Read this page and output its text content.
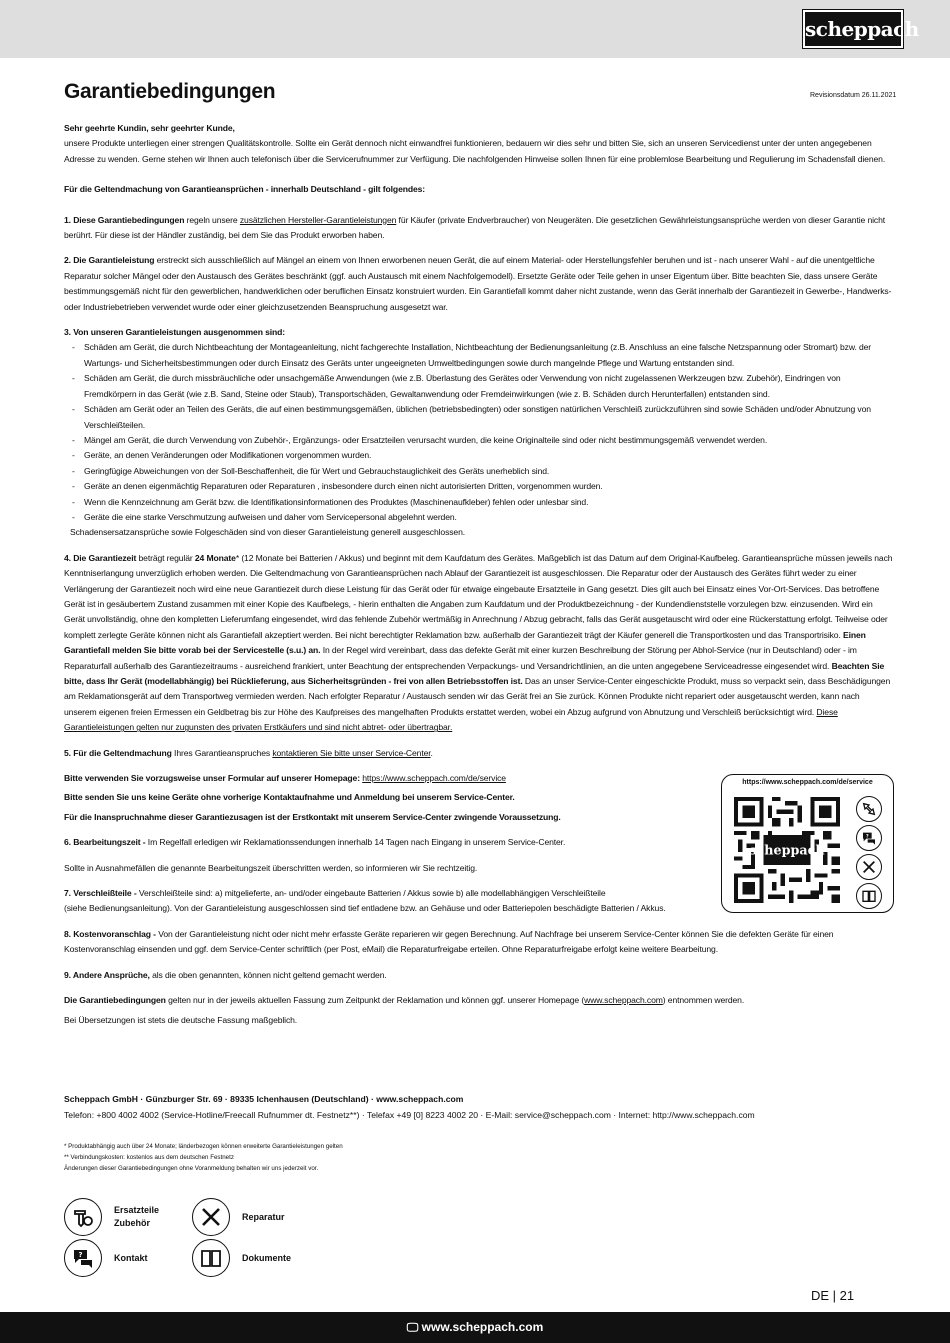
scheppach
Garantiebedingungen	Revisionsdatum 26.11.2021

Sehr geehrte Kundin, sehr geehrter Kunde,

unsere Produkte unterliegen einer strengen Qualitätskontrolle. Sollte ein Gerät dennoch nicht einwandfrei funktionieren, bedauern wir dies sehr und bitten Sie, sich an unseren Servicedienst unter der unten angegebenen Adresse zu wenden. Gerne stehen wir Ihnen auch telefonisch über die Servicerufnummer zur Verfügung. Die nachfolgenden Hinweise sollen Ihnen für eine problemlose Bearbeitung und Regulierung im Schadensfall dienen.

Für die Geltendmachung von Garantieansprüchen - innerhalb Deutschland - gilt folgendes:

1. Diese Garantiebedingungen regeln unsere zusätzlichen Hersteller-Garantieleistungen für Käufer (private Endverbraucher) von Neugeräten. Die gesetzlichen Gewährleistungsansprüche werden von dieser Garantie nicht berührt. Für diese ist der Händler zuständig, bei dem Sie das Produkt erworben haben.

2. Die Garantieleistung erstreckt sich ausschließlich auf Mängel an einem von Ihnen erworbenen neuen Gerät, die auf einem Material- oder Herstellungsfehler beruhen und ist - nach unserer Wahl - auf die unentgeltliche Reparatur solcher Mängel oder den Austausch des Gerätes beschränkt (ggf. auch Austausch mit einem Nachfolgemodell). Ersetzte Geräte oder Teile gehen in unser Eigentum über. Bitte beachten Sie, dass unsere Geräte bestimmungsgemäß nicht für den gewerblichen, handwerklichen oder beruflichen Einsatz konstruiert wurden. Ein Garantiefall kommt daher nicht zustande, wenn das Gerät innerhalb der Garantiezeit in Gewerbe-, Handwerks- oder Industriebetrieben verwendet wurde oder einer gleichzusetzenden Beanspruchung ausgesetzt war.

3. Von unseren Garantieleistungen ausgenommen sind:

- Schäden am Gerät, die durch Nichtbeachtung der Montageanleitung, nicht fachgerechte Installation, Nichtbeachtung der Bedienungsanleitung (z.B. Anschluss an eine falsche Netzspannung oder Stromart) bzw. der Wartungs- und Sicherheitsbestimmungen oder durch Einsatz des Geräts unter ungeeigneten Umweltbedingungen sowie durch mangelnde Pflege und Wartung entstanden sind.
- Schäden am Gerät, die durch missbräuchliche oder unsachgemäße Anwendungen (wie z.B. Überlastung des Gerätes oder Verwendung von nicht zugelassenen Werkzeugen bzw. Zubehör), Eindringen von Fremdkörpern in das Gerät (wie z.B. Sand, Steine oder Staub), Transportschäden, Gewaltanwendung oder Fremdeinwirkungen (wie z. B. Schäden durch Herunterfallen) entstanden sind.
- Schäden am Gerät oder an Teilen des Geräts, die auf einen bestimmungsgemäßen, üblichen (betriebsbedingten) oder sonstigen natürlichen Verschleiß zurückzuführen sind sowie Schäden und/oder Abnutzung von Verschleißteilen.
- Mängel am Gerät, die durch Verwendung von Zubehör-, Ergänzungs- oder Ersatzteilen verursacht wurden, die keine Originalteile sind oder nicht bestimmungsgemäß verwendet werden.
- Geräte, an denen Veränderungen oder Modifikationen vorgenommen wurden.
- Geringfügige Abweichungen von der Soll-Beschaffenheit, die für Wert und Gebrauchstauglichkeit des Geräts unerheblich sind.
- Geräte an denen eigenmächtig Reparaturen oder Reparaturen , insbesondere durch einen nicht autorisierten Dritten, vorgenommen wurden.
- Wenn die Kennzeichnung am Gerät bzw. die Identifikationsinformationen des Produktes (Maschinenaufkleber) fehlen oder unlesbar sind.
- Geräte die eine starke Verschmutzung aufweisen und daher vom Servicepersonal abgelehnt werden.

Schadensersatzansprüche sowie Folgeschäden sind von dieser Garantieleistung generell ausgeschlossen.

4. Die Garantiezeit beträgt regulär 24 Monate* (12 Monate bei Batterien / Akkus) und beginnt mit dem Kaufdatum des Gerätes. Maßgeblich ist das Datum auf dem Original-Kaufbeleg. Garantieansprüche müssen jeweils nach Kenntniserlangung unverzüglich erhoben werden. Die Geltendmachung von Garantieansprüchen nach Ablauf der Garantiezeit ist ausgeschlossen. Die Reparatur oder der Austausch des Gerätes führt weder zu einer Verlängerung der Garantiezeit noch wird eine neue Garantiezeit durch diese Leistung für das Gerät oder für etwaige eingebaute Ersatzteile in Gang gesetzt. Dies gilt auch bei Einsatz eines Vor-Ort-Services. Das betroffene Gerät ist in gesäubertem Zustand zusammen mit einer Kopie des Kaufbelegs, - hierin enthalten die Angaben zum Kaufdatum und der Produktbezeichnung - der Kundendienststelle vorzulegen bzw. einzusenden. Wird ein Gerät unvollständig, ohne den kompletten Lieferumfang eingesendet, wird das fehlende Zubehör wertmäßig in Anrechnung / Abzug gebracht, falls das Gerät ausgetauscht wird oder eine Rückerstattung erfolgt. Teilweise oder komplett zerlegte Geräte können nicht als Garantiefall akzeptiert werden. Bei nicht berechtigter Reklamation bzw. außerhalb der Garantiezeit trägt der Käufer generell die Transportkosten und das Transportrisiko. Einen Garantiefall melden Sie bitte vorab bei der Servicestelle (s.u.) an. In der Regel wird vereinbart, dass das defekte Gerät mit einer kurzen Beschreibung der Störung per Abhol-Service (nur in Deutschland) oder - im Reparaturfall außerhalb des Garantiezeitraums - ausreichend frankiert, unter Beachtung der entsprechenden Verpackungs- und Versandrichtlinien, an die unten angegebene Serviceadresse eingesendet wird. Beachten Sie bitte, dass Ihr Gerät (modellabhängig) bei Rücklieferung, aus Sicherheitsgründen - frei von allen Betriebsstoffen ist. Das an unser Service-Center eingeschickte Produkt, muss so verpackt sein, dass Beschädigungen am Reklamationsgerät auf dem Transportweg vermieden werden. Nach erfolgter Reparatur / Austausch senden wir das Gerät frei an Sie zurück. Können Produkte nicht repariert oder ausgetauscht werden, kann nach unserem eigenen freien Ermessen ein Geldbetrag bis zur Höhe des Kaufpreises des mangelhaften Produkts erstattet werden, wobei ein Abzug aufgrund von Abnutzung und Verschleiß berücksichtigt wird. Diese Garantieleistungen gelten nur zugunsten des privaten Erstkäufers und sind nicht abtret- oder übertragbar.

5. Für die Geltendmachung Ihres Garantieanspruches kontaktieren Sie bitte unser Service-Center.

Bitte verwenden Sie vorzugsweise unser Formular auf unserer Homepage: https://www.scheppach.com/de/service

Bitte senden Sie uns keine Geräte ohne vorherige Kontaktaufnahme und Anmeldung bei unserem Service-Center.

Für die Inanspruchnahme dieser Garantiezusagen ist der Erstkontakt mit unserem Service-Center zwingende Voraussetzung.

6. Bearbeitungszeit - Im Regelfall erledigen wir Reklamationssendungen innerhalb 14 Tagen nach Eingang in unserem Service-Center.

Sollte in Ausnahmefällen die genannte Bearbeitungszeit überschritten werden, so informieren wir Sie rechtzeitig.

7. Verschleißteile - Verschleißteile sind: a) mitgelieferte, an- und/oder eingebaute Batterien / Akkus sowie b) alle modellabhängigen Verschleißteile

(siehe Bedienungsanleitung). Von der Garantieleistung ausgeschlossen sind tief entladene bzw. an Gehäuse und oder Batteriepolen beschädigte Batterien / Akkus.

8. Kostenvoranschlag - Von der Garantieleistung nicht oder nicht mehr erfasste Geräte reparieren wir gegen Berechnung. Auf Nachfrage bei unserem Service-Center können Sie die defekten Geräte für einen Kostenvoranschlag einsenden und ggf. dem Service-Center schriftlich (per Post, eMail) die Reparaturfreigabe erteilen. Ohne Reparaturfreigabe erfolgt keine weitere Bearbeitung.

9. Andere Ansprüche, als die oben genannten, können nicht geltend gemacht werden.

Die Garantiebedingungen gelten nur in der jeweils aktuellen Fassung zum Zeitpunkt der Reklamation und können ggf. unserer Homepage (www.scheppach.com) entnommen werden.

Bei Übersetzungen ist stets die deutsche Fassung maßgeblich.

https://www.scheppach.com/de/service
scheppach
?

Scheppach GmbH · Günzburger Str. 69 · 89335 Ichenhausen (Deutschland) · www.scheppach.com

Telefon: +800 4002 4002 (Service-Hotline/Freecall Rufnummer dt. Festnetz**) · Telefax +49 [0] 8223 4002 20 · E-Mail: service@scheppach.com · Internet: http://www.scheppach.com

* Produktabhängig auch über 24 Monate; länderbezogen können erweiterte Garantieleistungen gelten

** Verbindungskosten: kostenlos aus dem deutschen Festnetz

Änderungen dieser Garantiebedingungen ohne Voranmeldung behalten wir uns jederzeit vor.

Ersatzteile
Zubehör
Reparatur
?	Kontakt	Dokumente
DE | 21
🖵︎ www.scheppach.com
